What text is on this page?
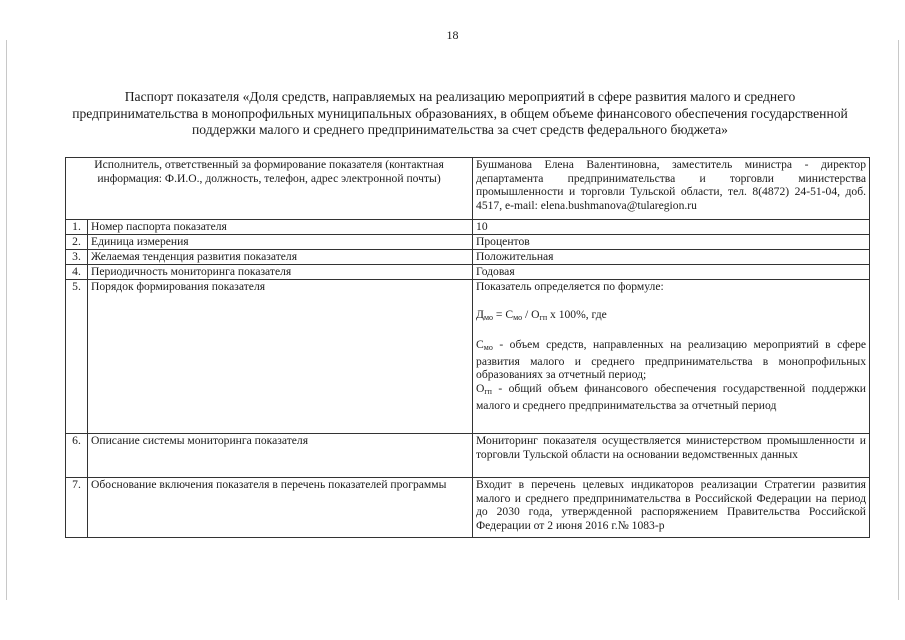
18
Паспорт показателя «Доля средств, направляемых на реализацию мероприятий в сфере развития малого и среднего предпринимательства в монопрофильных муниципальных образованиях, в общем объеме финансового обеспечения государственной поддержки малого и среднего предпринимательства за счет средств федерального бюджета»
Исполнитель, ответственный за формирование показателя (контактная информация: Ф.И.О., должность, телефон, адрес электронной почты)		Бушманова Елена Валентиновна, заместитель министра - директор департамента предпринимательства и торговли министерства промышленности и торговли Тульской области, тел. 8(4872) 24-51-04, доб. 4517, e-mail: elena.bushmanova@tularegion.ru
1.	Номер паспорта показателя	10
2.	Единица измерения	Процентов
3.	Желаемая тенденция развития показателя	Положительная
4.	Периодичность мониторинга показателя	Годовая
5.	Порядок формирования показателя	Показатель определяется по формуле:
$Д_{мо} = С_{мо} / О_{гп}$ х 100%, где
$С_{мо}$ - объем средств, направленных на реализацию мероприятий в сфере развития малого и среднего предпринимательства в монопрофильных образованиях за отчетный период;
$О_{гп}$ - общий объем финансового обеспечения государственной поддержки малого и среднего предпринимательства за отчетный период

6.	Описание системы мониторинга показателя	Мониторинг показателя осуществляется министерством промышленности и торговли Тульской области на основании ведомственных данных
7.	Обоснование включения показателя в перечень показателей программы	Входит в перечень целевых индикаторов реализации Стратегии развития малого и среднего предпринимательства в Российской Федерации на период до 2030 года, утвержденной распоряжением Правительства Российской Федерации от 2 июня 2016 г.№ 1083-р
